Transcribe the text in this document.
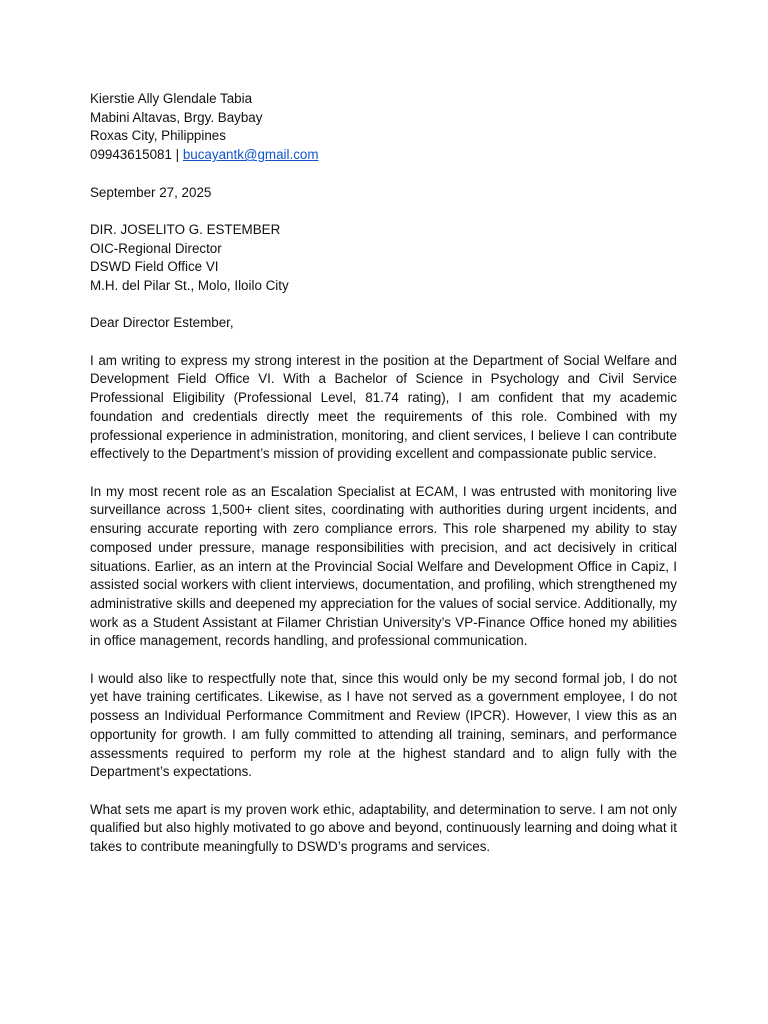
Kierstie Ally Glendale Tabia
Mabini Altavas, Brgy. Baybay
Roxas City, Philippines
09943615081 | bucayantk@gmail.com
September 27, 2025
DIR. JOSELITO G. ESTEMBER
OIC-Regional Director
DSWD Field Office VI
M.H. del Pilar St., Molo, Iloilo City
Dear Director Estember,

I am writing to express my strong interest in the position at the Department of Social Welfare and Development Field Office VI. With a Bachelor of Science in Psychology and Civil Service Professional Eligibility (Professional Level, 81.74 rating), I am confident that my academic foundation and credentials directly meet the requirements of this role. Combined with my professional experience in administration, monitoring, and client services, I believe I can contribute effectively to the Department’s mission of providing excellent and compassionate public service.

In my most recent role as an Escalation Specialist at ECAM, I was entrusted with monitoring live surveillance across 1,500+ client sites, coordinating with authorities during urgent incidents, and ensuring accurate reporting with zero compliance errors. This role sharpened my ability to stay composed under pressure, manage responsibilities with precision, and act decisively in critical situations. Earlier, as an intern at the Provincial Social Welfare and Development Office in Capiz, I assisted social workers with client interviews, documentation, and profiling, which strengthened my administrative skills and deepened my appreciation for the values of social service. Additionally, my work as a Student Assistant at Filamer Christian University’s VP-Finance Office honed my abilities in office management, records handling, and professional communication.

I would also like to respectfully note that, since this would only be my second formal job, I do not yet have training certificates. Likewise, as I have not served as a government employee, I do not possess an Individual Performance Commitment and Review (IPCR). However, I view this as an opportunity for growth. I am fully committed to attending all training, seminars, and performance assessments required to perform my role at the highest standard and to align fully with the Department’s expectations.

What sets me apart is my proven work ethic, adaptability, and determination to serve. I am not only qualified but also highly motivated to go above and beyond, continuously learning and doing what it takes to contribute meaningfully to DSWD’s programs and services.
